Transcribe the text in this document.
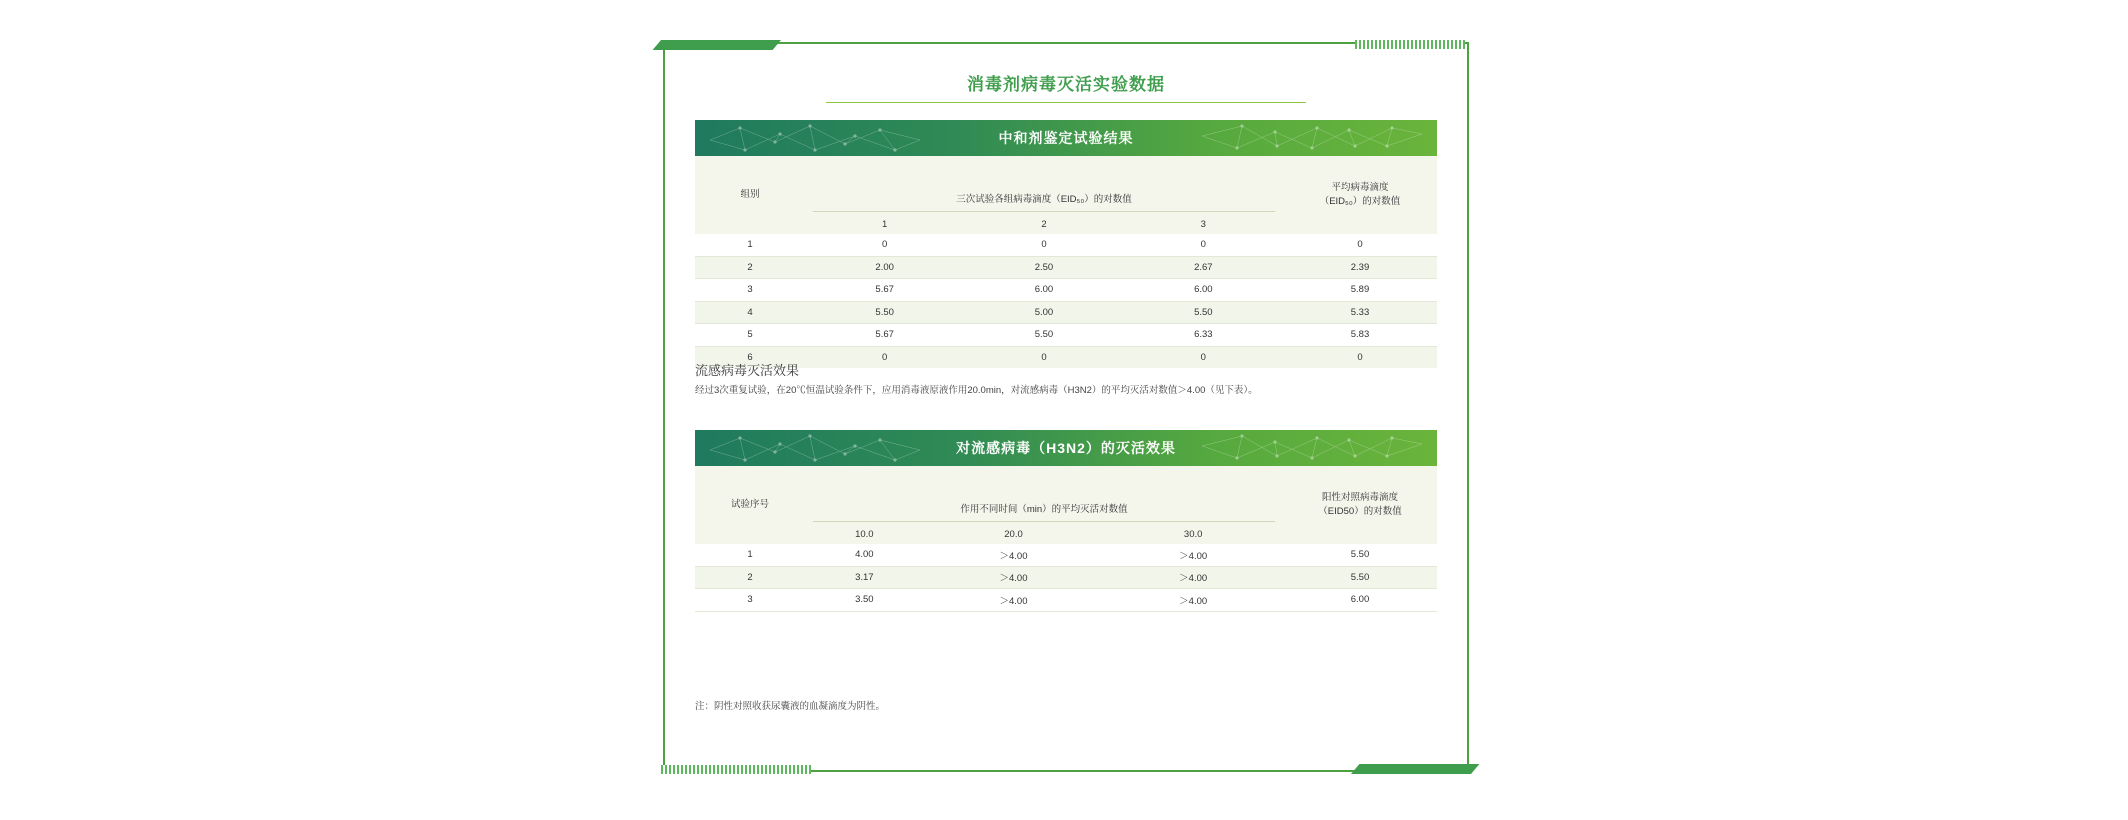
消毒剂病毒灭活实验数据
中和剂鉴定试验结果
组别	三次试验各组病毒滴度（EID₅₀）的对数值			平均病毒滴度
（EID₅₀）的对数值

	1	2	3	
1	0	0	0	0
2	2.00	2.50	2.67	2.39
3	5.67	6.00	6.00	5.89
4	5.50	5.00	5.50	5.33
5	5.67	5.50	6.33	5.83
6	0	0	0	0
流感病毒灭活效果
经过3次重复试验，在20℃恒温试验条件下，应用消毒液原液作用20.0min，对流感病毒（H3N2）的平均灭活对数值＞4.00（见下表）。
对流感病毒（H3N2）的灭活效果
试验序号	作用不同时间（min）的平均灭活对数值			阳性对照病毒滴度
（EID50）的对数值

	10.0	20.0	30.0	
1	4.00	＞4.00	＞4.00	5.50
2	3.17	＞4.00	＞4.00	5.50
3	3.50	＞4.00	＞4.00	6.00
注：阴性对照收获尿囊液的血凝滴度为阴性。
